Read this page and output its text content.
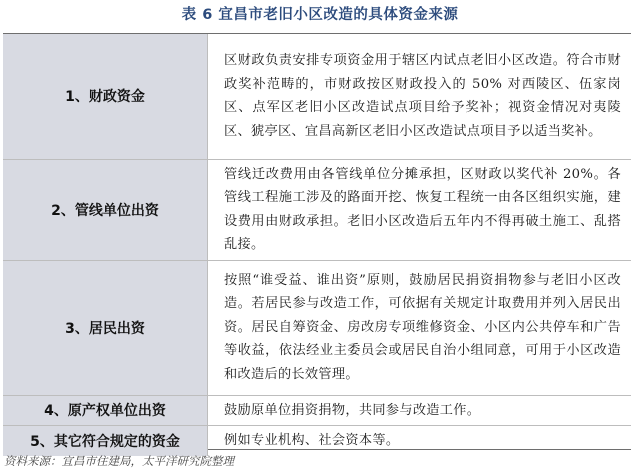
表 6 宜昌市老旧小区改造的具体资金来源
1、财政资金	区财政负责安排专项资金用于辖区内试点老旧小区改造。符合市财政奖补范畴的，市财政按区财政投入的 50% 对西陵区、伍家岗区、点军区老旧小区改造试点项目给予奖补；视资金情况对夷陵区、猇亭区、宜昌高新区老旧小区改造试点项目予以适当奖补。
2、管线单位出资	管线迁改费用由各管线单位分摊承担，区财政以奖代补 20%。各管线工程施工涉及的路面开挖、恢复工程统一由各区组织实施，建设费用由财政承担。老旧小区改造后五年内不得再破土施工、乱搭乱接。
3、居民出资	按照“谁受益、谁出资”原则，鼓励居民捐资捐物参与老旧小区改造。若居民参与改造工作，可依据有关规定计取费用并列入居民出资。居民自筹资金、房改房专项维修资金、小区内公共停车和广告等收益，依法经业主委员会或居民自治小组同意，可用于小区改造和改造后的长效管理。
4、原产权单位出资	鼓励原单位捐资捐物，共同参与改造工作。
5、其它符合规定的资金	例如专业机构、社会资本等。
资料来源：宜昌市住建局，太平洋研究院整理
